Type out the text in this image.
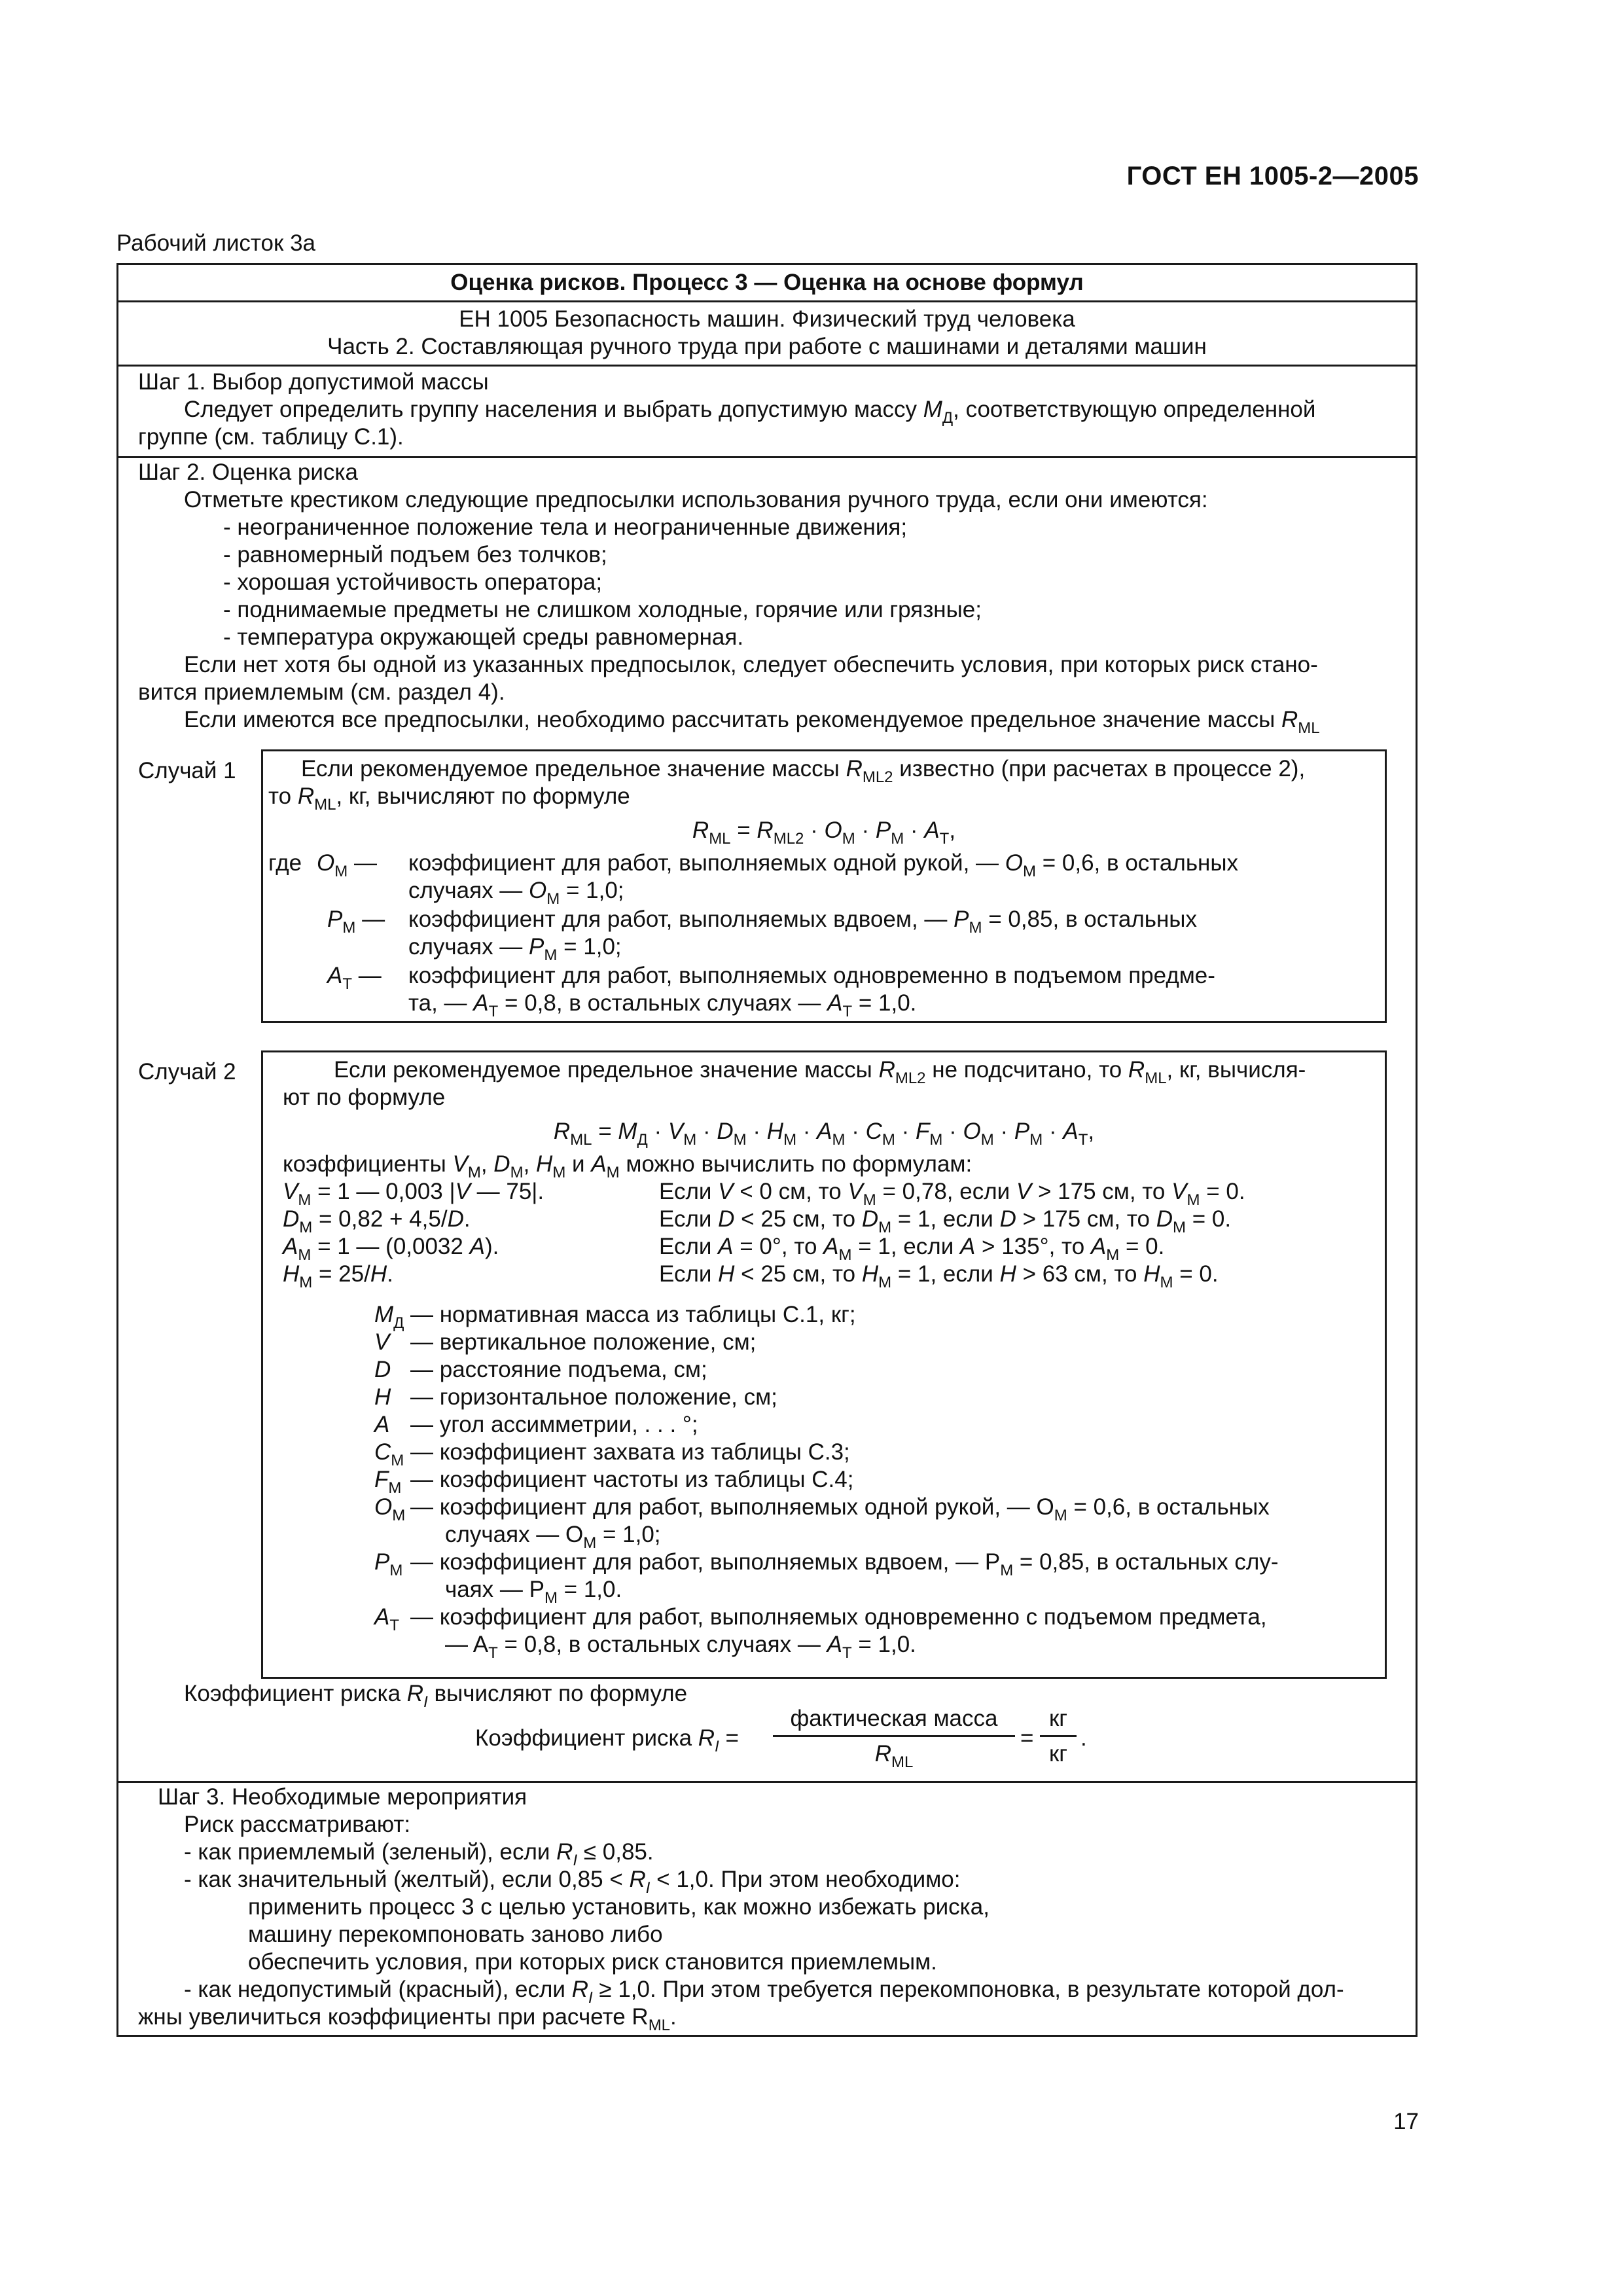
ГОСТ ЕН 1005-2—2005
Рабочий листок 3а
Оценка рисков. Процесс 3 — Оценка на основе формул
ЕН 1005 Безопасность машин. Физический труд человека
Часть 2. Составляющая ручного труда при работе с машинами и деталями машин
Шаг 1. Выбор допустимой массы
Следует определить группу населения и выбрать допустимую массу $M_Д$, соответствующую определенной
группе (см. таблицу С.1).
Шаг 2. Оценка риска
Отметьте крестиком следующие предпосылки использования ручного труда, если они имеются:
- неограниченное положение тела и неограниченные движения;
- равномерный подъем без толчков;
- хорошая устойчивость оператора;
- поднимаемые предметы не слишком холодные, горячие или грязные;
- температура окружающей среды равномерная.
Если нет хотя бы одной из указанных предпосылок, следует обеспечить условия, при которых риск стано-
вится приемлемым (см. раздел 4).
Если имеются все предпосылки, необходимо рассчитать рекомендуемое предельное значение массы $R_{ML}$
Случай 1	Если рекомендуемое предельное значение массы $R_{ML2}$ известно (при расчетах в процессе 2),
то $R_{ML}$, кг, вычисляют по формуле
$R_{ML} = R_{ML2} \cdot O_М \cdot P_М \cdot A_Т$,
где $O_М$ — коэффициент для работ, выполняемых одной рукой, — $O_М = 0,6$, в остальных
случаях — $O_М = 1,0$;
$P_М$ — коэффициент для работ, выполняемых вдвоем, — $P_М = 0,85$, в остальных
случаях — $P_М = 1,0$;
$A_Т$ — коэффициент для работ, выполняемых одновременно в подъемом предме-
та, — $A_Т = 0,8$, в остальных случаях — $A_Т = 1,0$.
Случай 2	Если рекомендуемое предельное значение массы $R_{ML2}$ не подсчитано, то $R_{ML}$, кг, вычисля-
ют по формуле
$R_{ML} = M_Д \cdot V_М \cdot D_М \cdot H_М \cdot A_М \cdot C_М \cdot F_М \cdot O_М \cdot P_М \cdot A_Т$,
коэффициенты $V_М$, $D_М$, $H_М$ и $A_М$ можно вычислить по формулам:
$V_М = 1$ — 0,003 |V — 75|.
$D_М = 0,82 + 4,5/D$.
$A_М = 1$ — (0,0032 A).
$H_М = 25/H$.
Если V < 0 см, то $V_М = 0,78$, если V > 175 см, то $V_М = 0$.
Если D < 25 см, то $D_М = 1$, если D > 175 см, то $D_М = 0$.
Если A = 0°, то $A_М = 1$, если A > 135°, то $A_М = 0$.
Если H < 25 см, то $H_М = 1$, если H > 63 см, то $H_М = 0$.
$M_Д$ — нормативная масса из таблицы С.1, кг;
V — вертикальное положение, см;
D — расстояние подъема, см;
H — горизонтальное положение, см;
A — угол ассимметрии, . . . °;
$C_М$ — коэффициент захвата из таблицы С.3;
$F_М$ — коэффициент частоты из таблицы С.4;
$O_М$ — коэффициент для работ, выполняемых одной рукой, — $O_М = 0,6$, в остальных
случаях — $O_М = 1,0$;
$P_М$ — коэффициент для работ, выполняемых вдвоем, — $P_М = 0,85$, в остальных слу-
чаях — $P_М = 1,0$.
$A_Т$ — коэффициент для работ, выполняемых одновременно с подъемом предмета,
— $A_Т = 0,8$, в остальных случаях — $A_Т = 1,0$.
Коэффициент риска $R_I$ вычисляют по формуле
Коэффициент риска $R_I$ =
фактическая масса
$R_{ML}$
=
кг
кг
.
Шаг 3. Необходимые мероприятия
Риск рассматривают:
- как приемлемый (зеленый), если $R_I \le 0,85$.
- как значительный (желтый), если $0,85 < R_I < 1,0$. При этом необходимо:
применить процесс 3 с целью установить, как можно избежать риска,
машину перекомпоновать заново либо
обеспечить условия, при которых риск становится приемлемым.
- как недопустимый (красный), если $R_I \ge 1,0$. При этом требуется перекомпоновка, в результате которой дол-
жны увеличиться коэффициенты при расчете $R_{ML}$.
17
